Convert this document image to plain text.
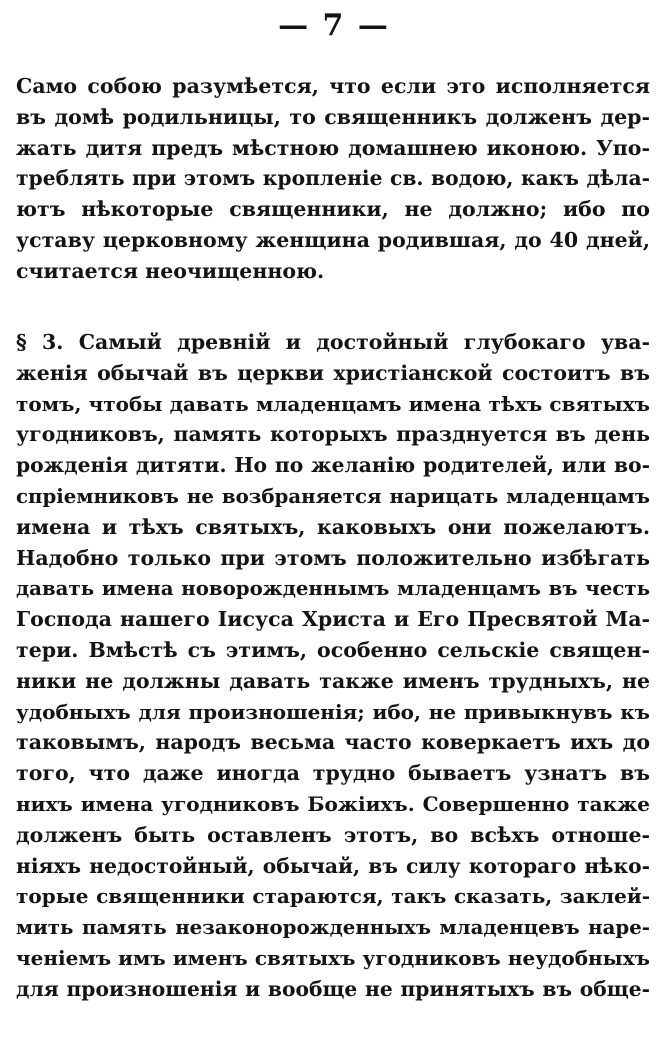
— 7 —
Само собою разумѣется, что если это исполняется
въ домѣ родильницы, то священникъ долженъ дер-
жать дитя предъ мѣстною домашнею иконою. Упо-
треблять при этомъ кропленіе св. водою, какъ дѣла-
ютъ нѣкоторые священники, не должно; ибо по
уставу церковному женщина родившая, до 40 дней,
считается неочищенною.
§ 3. Самый древній и достойный глубокаго ува-
женія обычай въ церкви христіанской состоитъ въ
томъ, чтобы давать младенцамъ имена тѣхъ святыхъ
угодниковъ, память которыхъ празднуется въ день
рожденія дитяти. Но по желанію родителей, или во-
спріемниковъ не возбраняется нарицать младенцамъ
имена и тѣхъ святыхъ, каковыхъ они пожелаютъ.
Надобно только при этомъ положительно избѣгать
давать имена новорожденнымъ младенцамъ въ честь
Господа нашего Іисуса Христа и Его Пресвятой Ма-
тери. Вмѣстѣ съ этимъ, особенно сельскіе священ-
ники не должны давать также именъ трудныхъ, не
удобныхъ для произношенія; ибо, не привыкнувъ къ
таковымъ, народъ весьма часто коверкаетъ ихъ до
того, что даже иногда трудно бываетъ узнатъ въ
нихъ имена угодниковъ Божіихъ. Совершенно также
долженъ быть оставленъ этотъ, во всѣхъ отноше-
ніяхъ недостойный, обычай, въ силу котораго нѣко-
торые священники стараются, такъ сказать, заклей-
мить память незаконорожденныхъ младенцевъ наре-
ченіемъ имъ именъ святыхъ угодниковъ неудобныхъ
для произношенія и вообще не принятыхъ въ обще-
